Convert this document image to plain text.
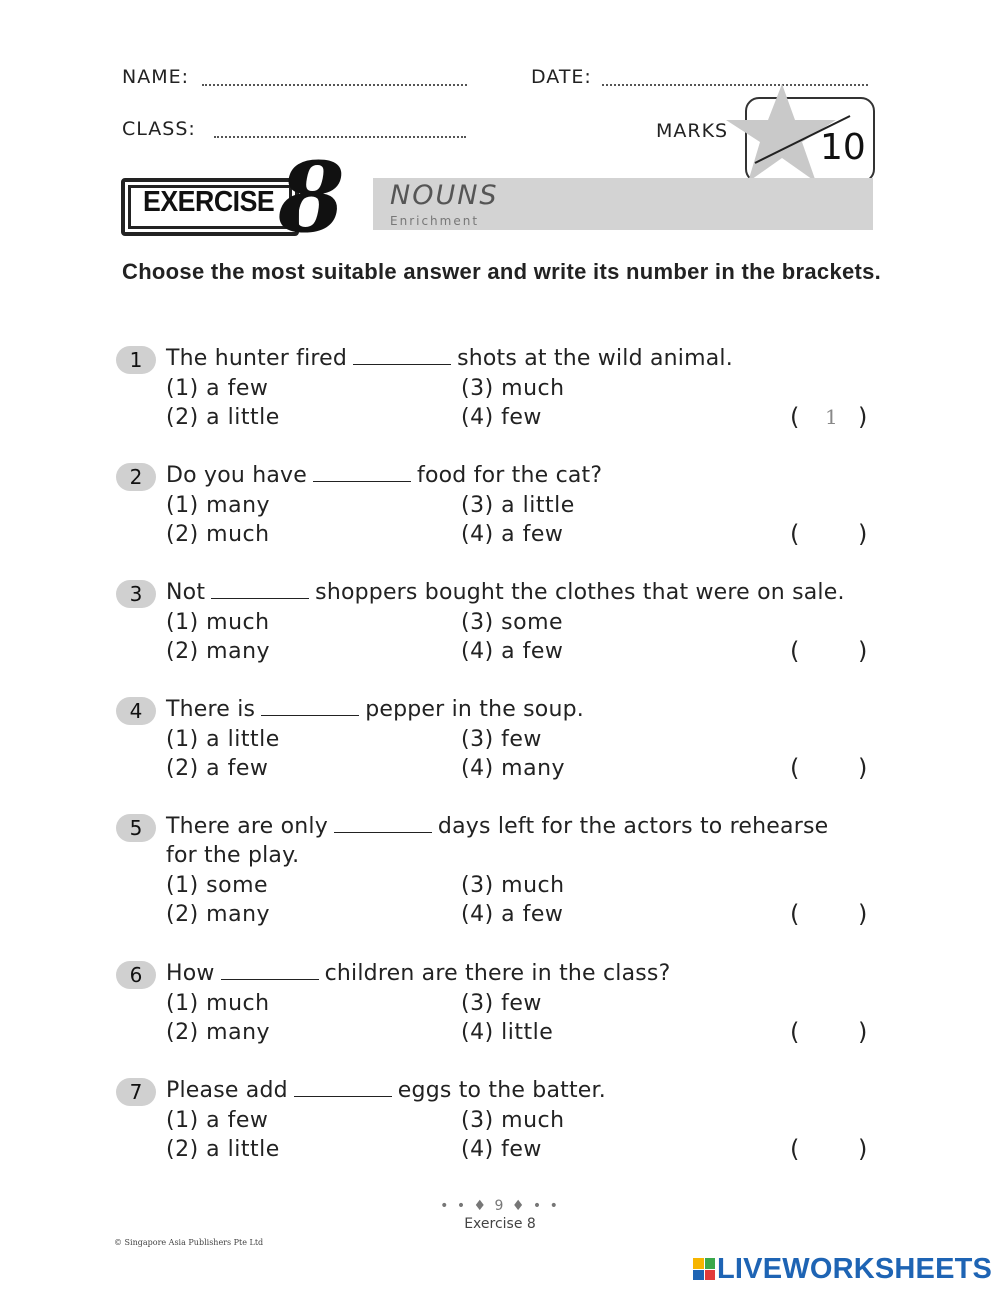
NAME:	DATE:
CLASS:	MARKS	10
EXERCISE 8 NOUNS
Enrichment
Choose the most suitable answer and write its number in the brackets.
1	The hunter fired	shots at the wild animal.
(1) a few
(2) a little
(3) much
(4) few	( 1 )
2	Do you have	food for the cat?
(1) many
(2) much
(3) a little
(4) a few	( )
3	Not	shoppers bought the clothes that were on sale.
(1) much
(2) many
(3) some
(4) a few	( )
4	There is	pepper in the soup.
(1) a little
(2) a few
(3) few
(4) many	( )
5	There are only	days left for the actors to rehearse
for the play.
(1) some
(2) many
(3) much
(4) a few	( )
6	How	children are there in the class?
(1) much
(2) many
(3) few
(4) little	( )
7	Please add	eggs to the batter.
(1) a few
(2) a little
(3) much
(4) few	( )
• • ♦ 9 ♦ • •
Exercise 8
© Singapore Asia Publishers Pte Ltd
LIVEWORKSHEETS
